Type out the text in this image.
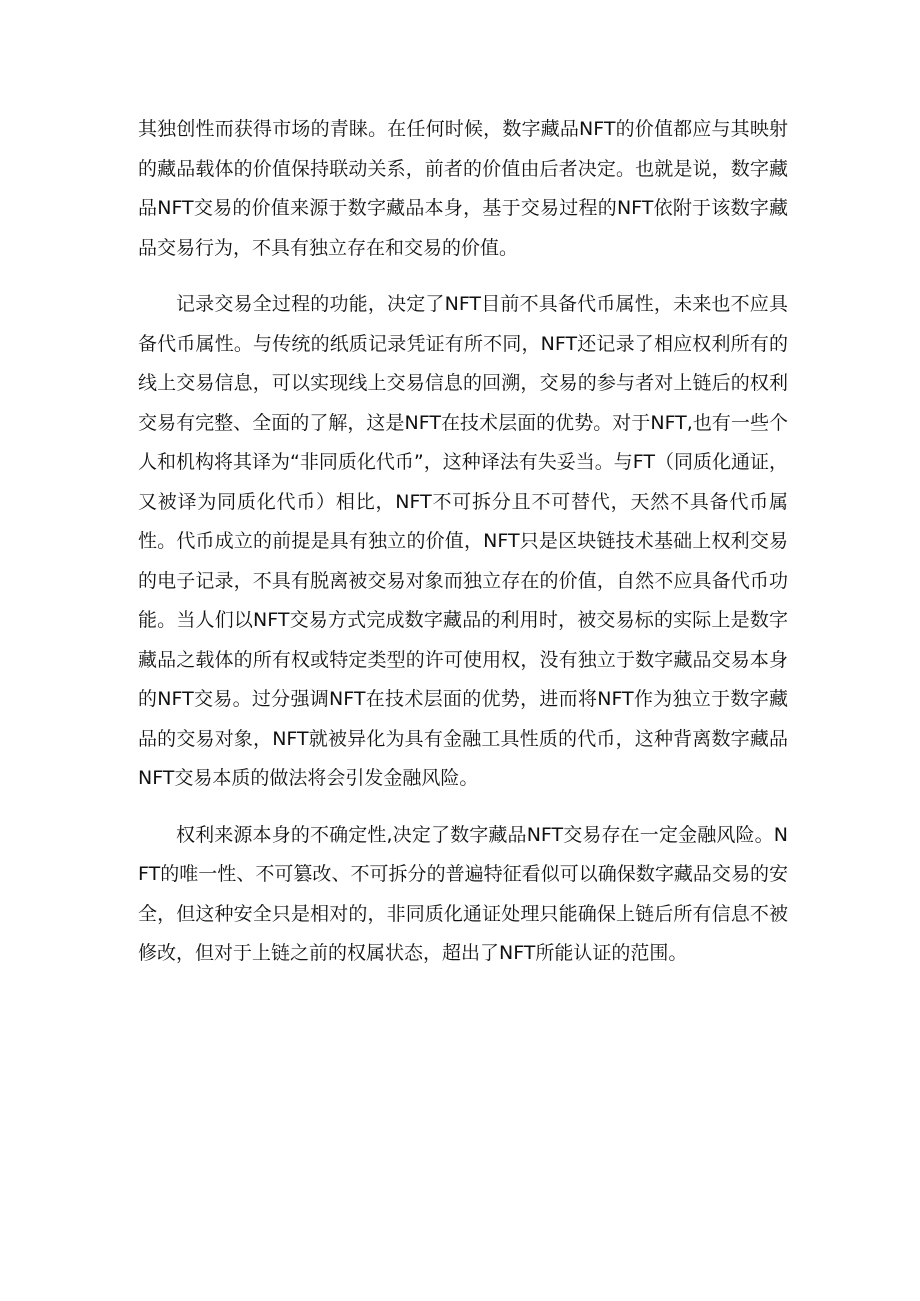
其独创性而获得市场的青睐。在任何时候，数字藏品NFT的价值都应与其映射的藏品载体的价值保持联动关系，前者的价值由后者决定。也就是说，数字藏品NFT交易的价值来源于数字藏品本身，基于交易过程的NFT依附于该数字藏品交易行为，不具有独立存在和交易的价值。

记录交易全过程的功能，决定了NFT目前不具备代币属性，未来也不应具备代币属性。与传统的纸质记录凭证有所不同，NFT还记录了相应权利所有的线上交易信息，可以实现线上交易信息的回溯，交易的参与者对上链后的权利交易有完整、全面的了解，这是NFT在技术层面的优势。对于NFT,也有一些个人和机构将其译为“非同质化代币”，这种译法有失妥当。与FT（同质化通证，又被译为同质化代币）相比，NFT不可拆分且不可替代，天然不具备代币属性。代币成立的前提是具有独立的价值，NFT只是区块链技术基础上权利交易的电子记录，不具有脱离被交易对象而独立存在的价值，自然不应具备代币功能。当人们以NFT交易方式完成数字藏品的利用时，被交易标的实际上是数字藏品之载体的所有权或特定类型的许可使用权，没有独立于数字藏品交易本身的NFT交易。过分强调NFT在技术层面的优势，进而将NFT作为独立于数字藏品的交易对象，NFT就被异化为具有金融工具性质的代币，这种背离数字藏品NFT交易本质的做法将会引发金融风险。

权利来源本身的不确定性,决定了数字藏品NFT交易存在一定金融风险。NFT的唯一性、不可篡改、不可拆分的普遍特征看似可以确保数字藏品交易的安全，但这种安全只是相对的，非同质化通证处理只能确保上链后所有信息不被修改，但对于上链之前的权属状态，超出了NFT所能认证的范围。
